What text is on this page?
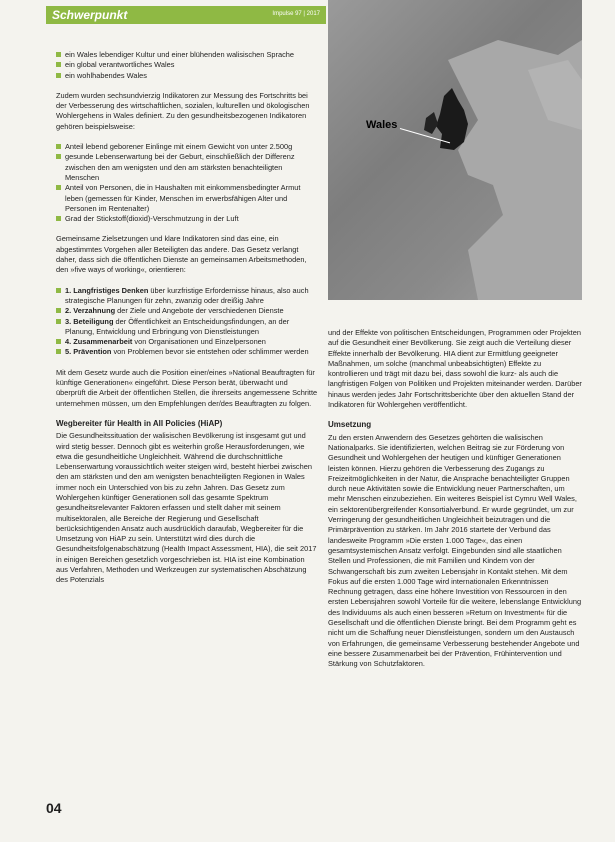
Schwerpunkt	Impulse 97 | 2017
Wales
ein Wales lebendiger Kultur und einer blühenden walisischen Sprache
ein global verantwortliches Wales
ein wohlhabendes Wales

Zudem wurden sechsundvierzig Indikatoren zur Messung des Fortschritts bei der Verbesserung des wirtschaftlichen, sozialen, kulturellen und ökologischen Wohlergehens in Wales definiert. Zu den gesundheitsbezogenen Indikatoren gehören beispielsweise:

Anteil lebend geborener Einlinge mit einem Gewicht von unter 2.500g
gesunde Lebenserwartung bei der Geburt, einschließlich der Differenz zwischen den am wenigsten und den am stärksten benachteiligten Menschen
Anteil von Personen, die in Haushalten mit einkommensbedingter Armut leben (gemessen für Kinder, Menschen im erwerbsfähigen Alter und Personen im Rentenalter)
Grad der Stickstoff(dioxid)-Verschmutzung in der Luft

Gemeinsame Zielsetzungen und klare Indikatoren sind das eine, ein abgestimmtes Vorgehen aller Beteiligten das andere. Das Gesetz verlangt daher, dass sich die öffentlichen Dienste an gemeinsamen Arbeitsmethoden, den »five ways of working«, orientieren:

1. Langfristiges Denken über kurzfristige Erfordernisse hinaus, also auch strategische Planungen für zehn, zwanzig oder dreißig Jahre
2. Verzahnung der Ziele und Angebote der verschiedenen Dienste
3. Beteiligung der Öffentlichkeit an Entscheidungsfindungen, an der Planung, Entwicklung und Erbringung von Dienstleistungen
4. Zusammenarbeit von Organisationen und Einzelpersonen
5. Prävention von Problemen bevor sie entstehen oder schlimmer werden

Mit dem Gesetz wurde auch die Position einer/eines »National Beauftragten für künftige Generationen« eingeführt. Diese Person berät, überwacht und überprüft die Arbeit der öffentlichen Stellen, die ihrerseits angemessene Schritte unternehmen müssen, um den Empfehlungen der/des Beauftragten zu folgen.

Wegbereiter für Health in All Policies (HiAP)

Die Gesundheitssituation der walisischen Bevölkerung ist insgesamt gut und wird stetig besser. Dennoch gibt es weiterhin große Herausforderungen, wie etwa die gesundheitliche Ungleichheit. Während die durchschnittliche Lebenserwartung voraussichtlich weiter steigen wird, besteht hierbei zwischen den am stärksten und den am wenigsten benachteiligten Regionen in Wales immer noch ein Unterschied von bis zu zehn Jahren. Das Gesetz zum Wohlergehen künftiger Generationen soll das gesamte Spektrum gesundheitsrelevanter Faktoren erfassen und stellt daher mit seinem multisektoralen, alle Bereiche der Regierung und Gesellschaft berücksichtigenden Ansatz auch ausdrücklich daraufab, Wegbereiter für die Umsetzung von HiAP zu sein. Unterstützt wird dies durch die Gesundheitsfolgenabschätzung (Health Impact Assessment, HIA), die seit 2017 in einigen Bereichen gesetzlich vorgeschrieben ist. HIA ist eine Kombination aus Verfahren, Methoden und Werkzeugen zur systematischen Abschätzung des Potenzials

und der Effekte von politischen Entscheidungen, Programmen oder Projekten auf die Gesundheit einer Bevölkerung. Sie zeigt auch die Verteilung dieser Effekte innerhalb der Bevölkerung. HIA dient zur Ermittlung geeigneter Maßnahmen, um solche (manchmal unbeabsichtigten) Effekte zu kontrollieren und trägt mit dazu bei, dass sowohl die kurz- als auch die langfristigen Folgen von Politiken und Projekten miteinander werden. Darüber hinaus werden jedes Jahr Fortschrittsberichte über den aktuellen Stand der Indikatoren für Wohlergehen veröffentlicht.

Umsetzung

Zu den ersten Anwendern des Gesetzes gehörten die walisischen Nationalparks. Sie identifizierten, welchen Beitrag sie zur Förderung von Gesundheit und Wohlergehen der heutigen und künftiger Generationen leisten können. Hierzu gehören die Verbesserung des Zugangs zu Freizeitmöglichkeiten in der Natur, die Ansprache benachteiligter Gruppen durch neue Aktivitäten sowie die Entwicklung neuer Partnerschaften, um mehr Menschen einzubeziehen. Ein weiteres Beispiel ist Cymru Well Wales, ein sektorenübergreifender Konsortialverbund. Er wurde gegründet, um zur Verringerung der gesundheitlichen Ungleichheit beizutragen und die Primärprävention zu stärken. Im Jahr 2016 startete der Verbund das landesweite Programm »Die ersten 1.000 Tage«, das einen gesamtsystemischen Ansatz verfolgt. Eingebunden sind alle staatlichen Stellen und Professionen, die mit Familien und Kindern von der Schwangerschaft bis zum zweiten Lebensjahr in Kontakt stehen. Mit dem Fokus auf die ersten 1.000 Tage wird internationalen Erkenntnissen Rechnung getragen, dass eine höhere Investition von Ressourcen in den ersten Lebensjahren sowohl Vorteile für die weitere, lebenslange Entwicklung des Individuums als auch einen besseren »Return on Investment« für die Gesellschaft und die öffentlichen Dienste bringt. Bei dem Programm geht es nicht um die Schaffung neuer Dienstleistungen, sondern um den Austausch von Erfahrungen, die gemeinsame Verbesserung bestehender Angebote und eine bessere Zusammenarbeit bei der Prävention, Frühintervention und Stärkung von Schutzfaktoren.

04
